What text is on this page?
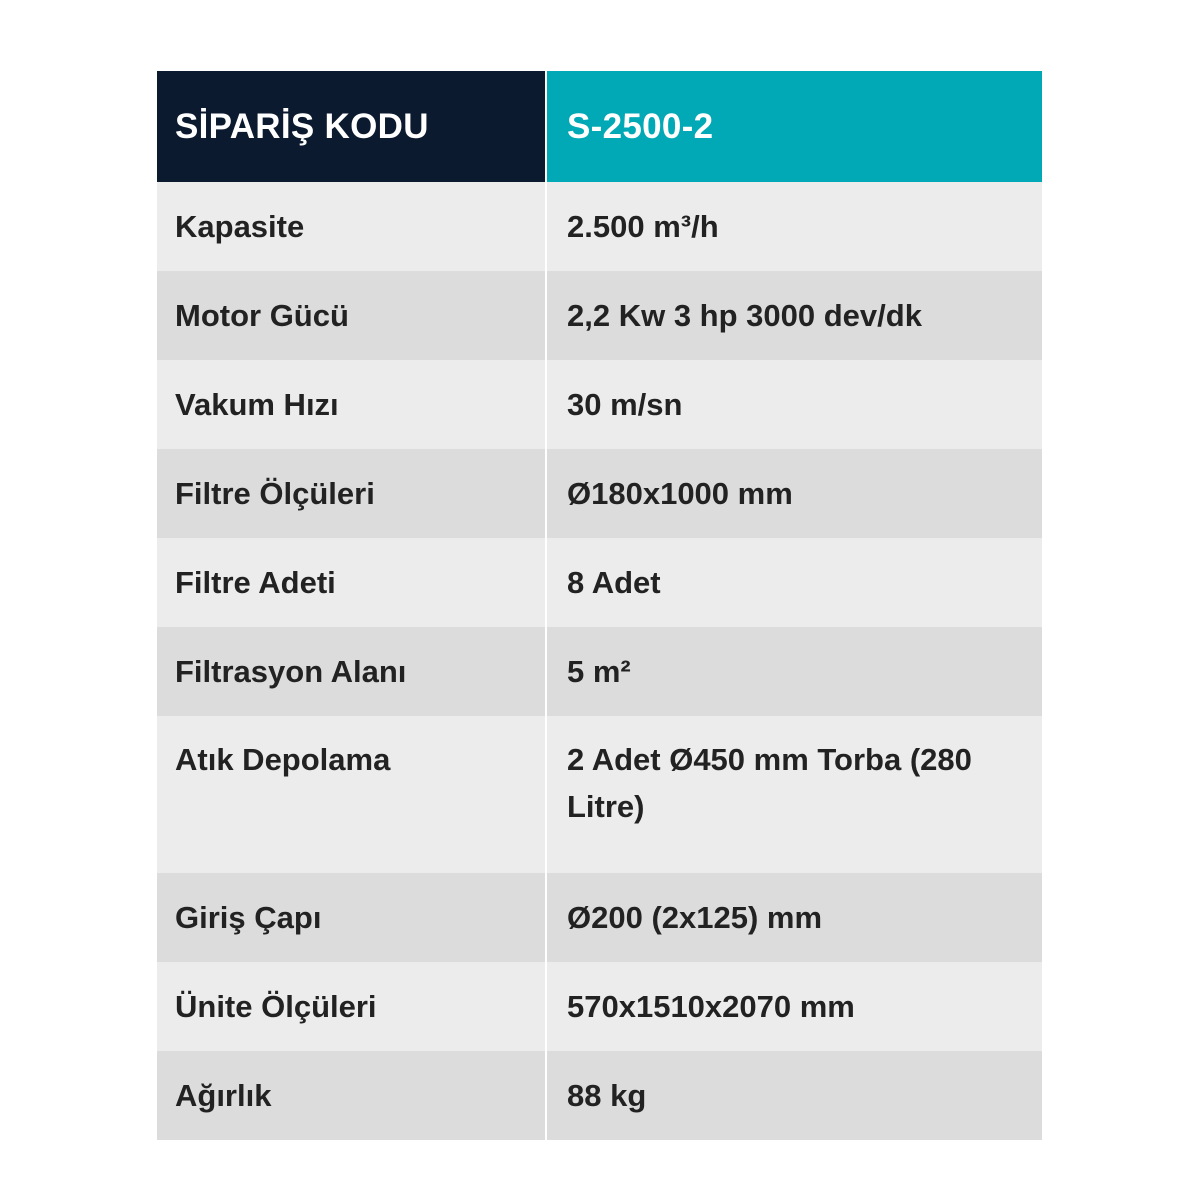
SİPARİŞ KODU	S-2500-2
Kapasite	2.500 m³/h
Motor Gücü	2,2 Kw 3 hp 3000 dev/dk
Vakum Hızı	30 m/sn
Filtre Ölçüleri	Ø180x1000 mm
Filtre Adeti	8 Adet
Filtrasyon Alanı	5 m²
Atık Depolama	2 Adet Ø450 mm Torba (280 Litre)
Giriş Çapı	Ø200 (2x125) mm
Ünite Ölçüleri	570x1510x2070 mm
Ağırlık	88 kg
